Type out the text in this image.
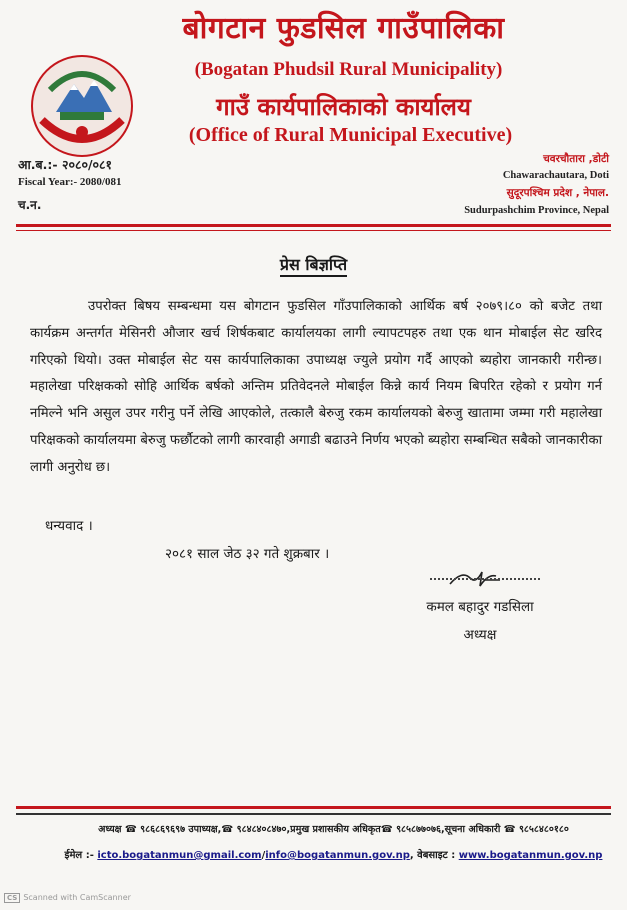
बोगटान फुडसिल गाउँपालिका
(Bogatan Phudsil Rural Municipality)
गाउँ कार्यपालिकाको कार्यालय
(Office of Rural Municipal Executive)
आ.ब.:- २०८०/०८१
Fiscal Year:- 2080/081
च.न.
चवरचौतारा ,डोटी
Chawarachautara, Doti
सुदूरपश्चिम प्रदेश , नेपाल.
Sudurpashchim Province, Nepal
प्रेस बिज्ञप्ति
उपरोक्त बिषय सम्बन्धमा यस बोगटान फुडसिल गाँउपालिकाको आर्थिक बर्ष २०७९।८० को बजेट तथा कार्यक्रम अन्तर्गत मेसिनरी औजार खर्च शिर्षकबाट कार्यालयका लागी ल्यापटपहरु तथा एक थान मोबाईल सेट खरिद गरिएको थियो। उक्त मोबाईल सेट यस कार्यपालिकाका उपाध्यक्ष ज्युले प्रयोग गर्दै आएको ब्यहोरा जानकारी गरीन्छ।महालेखा परिक्षकको सोहि आर्थिक बर्षको अन्तिम प्रतिवेदनले मोबाईल किन्ने कार्य नियम बिपरित रहेको र प्रयोग गर्न नमिल्ने भनि असुल उपर गरीनु पर्ने लेखि आएकोले, तत्कालै बेरुजु रकम कार्यालयको बेरुजु खातामा जम्मा गरी महालेखा परिक्षकको कार्यालयमा बेरुजु फर्छौटको लागी कारवाही अगाडी बढाउने निर्णय भएको ब्यहोरा सम्बन्धित सबैको जानकारीका लागी अनुरोध छ।
धन्यवाद ।
२०८१ साल जेठ ३२ गते शुक्रबार ।
कमल बहादुर गडसिला
अध्यक्ष
अध्यक्ष ☎ ९८६८६९६९७ उपाध्यक्ष,☎ ९८४८४०८४७०,प्रमुख प्रशासकीय अधिकृत☎ ९८५८७७०७६,सूचना अधिकारी ☎ ९८५८४८०१८०
ईमेल :- icto.bogatanmun@gmail.com/info@bogatanmun.gov.np, वेबसाइट : www.bogatanmun.gov.np
CS Scanned with CamScanner
